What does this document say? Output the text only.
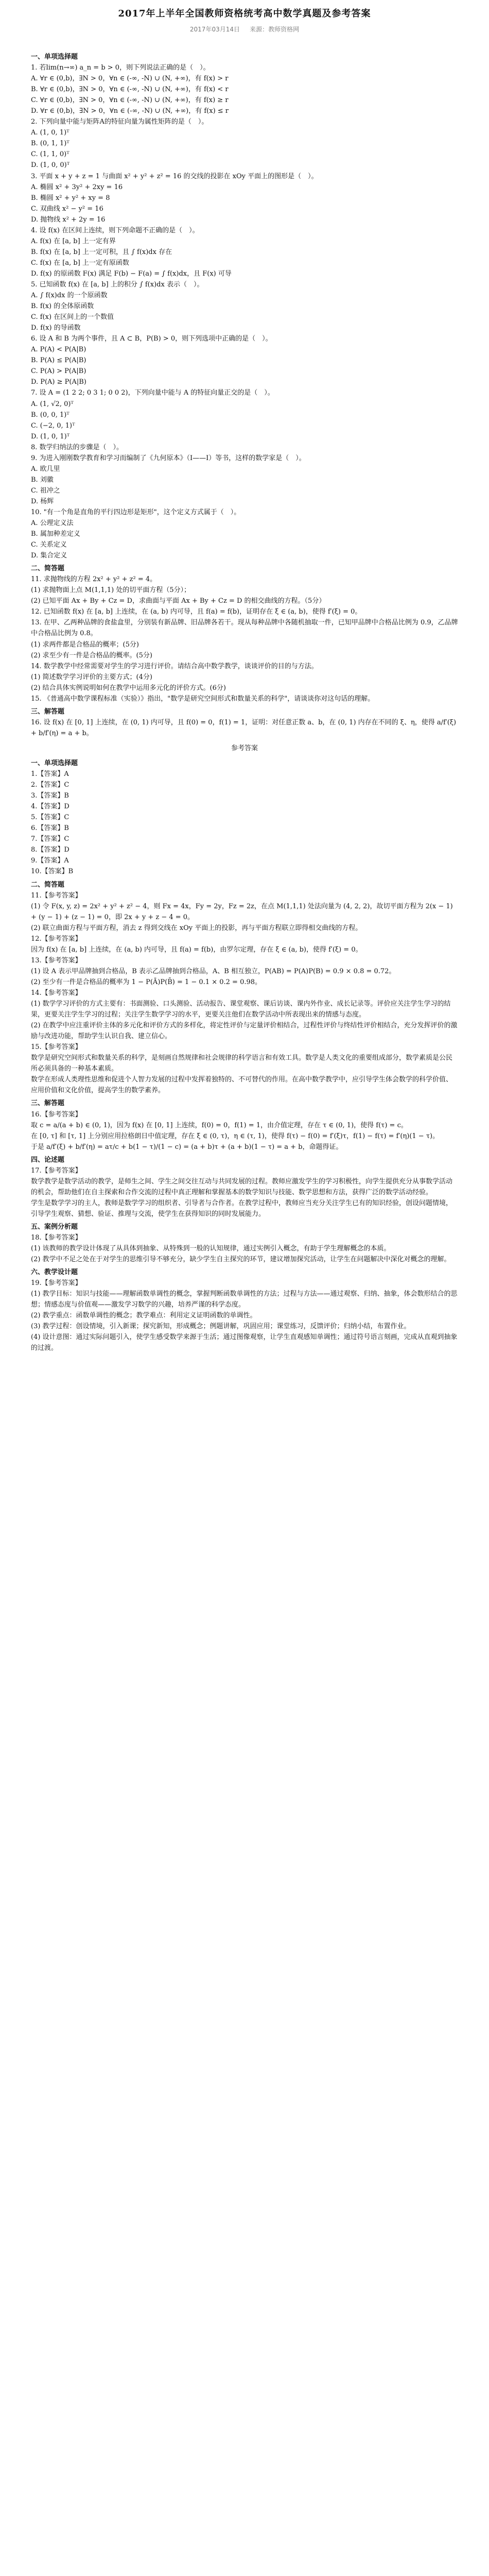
2017年上半年全国教师资格统考高中数学真题及参考答案
2017年03月14日 来源：教师资格网

一、单项选择题

1. 若lim(n→∞) a_n = b > 0，则下列说法正确的是（　）。

A. ∀r ∈ (0,b)，∃N > 0，∀n ∈ (-∞, -N) ∪ (N, +∞)，有 f(x) > r

B. ∀r ∈ (0,b)，∃N > 0，∀n ∈ (-∞, -N) ∪ (N, +∞)，有 f(x) < r

C. ∀r ∈ (0,b)，∃N > 0，∀n ∈ (-∞, -N) ∪ (N, +∞)，有 f(x) ≥ r

D. ∀r ∈ (0,b)，∃N > 0，∀n ∈ (-∞, -N) ∪ (N, +∞)，有 f(x) ≤ r

2. 下列向量中能与矩阵A的特征向量为属性矩阵的是（　）。

A. (1, 0, 1)ᵀ

B. (0, 1, 1)ᵀ

C. (1, 1, 0)ᵀ

D. (1, 0, 0)ᵀ

3. 平面 x + y + z = 1 与曲面 x² + y² + z² = 16 的交线的投影在 xOy 平面上的图形是（　）。

A. 椭圆 x² + 3y² + 2xy = 16

B. 椭圆 x² + y² + xy = 8

C. 双曲线 x² − y² = 16

D. 抛物线 x² + 2y = 16

4. 设 f(x) 在区间上连续，则下列命题不正确的是（　）。

A. f(x) 在 [a, b] 上一定有界

B. f(x) 在 [a, b] 上一定可积，且 ∫ f(x)dx 存在

C. f(x) 在 [a, b] 上一定有原函数

D. f(x) 的原函数 F(x) 满足 F(b) − F(a) = ∫ f(x)dx，且 F(x) 可导

5. 已知函数 f(x) 在 [a, b] 上的积分 ∫ f(x)dx 表示（　）。

A. ∫ f(x)dx 的一个原函数

B. f(x) 的全体原函数

C. f(x) 在区间上的一个数值

D. f(x) 的导函数

6. 设 A 和 B 为两个事件，且 A ⊂ B，P(B) > 0，则下列选项中正确的是（　）。

A. P(A) < P(A|B)

B. P(A) ≤ P(A|B)

C. P(A) > P(A|B)

D. P(A) ≥ P(A|B)

7. 设 A = (1 2 2; 0 3 1; 0 0 2)，下列向量中能与 A 的特征向量正交的是（　）。

A. (1, √2, 0)ᵀ

B. (0, 0, 1)ᵀ

C. (−2, 0, 1)ᵀ

D. (1, 0, 1)ᵀ

8. 数学归纳法的步骤是（　）。

9. 为进入刚刚数学教育和学习而编制了《九何原本》（I——I）等书，这样的数学家是（　）。

A. 欧几里

B. 刘徽

C. 祖冲之

D. 杨辉

10. "有一个角是直角的平行四边形是矩形"，这个定义方式属于（　）。

A. 公理定义法

B. 属加种差定义

C. 关系定义

D. 集合定义

二、简答题

11. 求抛物线的方程 2x² + y² + z² = 4。

(1) 求抛物面上点 M(1,1,1) 处的切平面方程（5分）；

(2) 已知平面 Ax + By + Cz = D，求曲面与平面 Ax + By + Cz = D 的相交曲线的方程。（5分）

12. 已知函数 f(x) 在 [a, b] 上连续，在 (a, b) 内可导，且 f(a) = f(b)，证明存在 ξ ∈ (a, b)，使得 f′(ξ) = 0。

13. 在甲、乙两种品牌的食盐盒里，分别装有新品牌、旧品牌各若干。现从每种品牌中各随机抽取一件，已知甲品牌中合格品比例为 0.9，乙品牌中合格品比例为 0.8。

(1) 求两件都是合格品的概率；(5分)

(2) 求至少有一件是合格品的概率。(5分)

14. 数学教学中经常需要对学生的学习进行评价。请结合高中数学教学，谈谈评价的目的与方法。

(1) 简述数学学习评价的主要方式；(4分)

(2) 结合具体实例说明如何在教学中运用多元化的评价方式。(6分)

15. 《普通高中数学课程标准（实验）》指出，"数学是研究空间形式和数量关系的科学"，请谈谈你对这句话的理解。

三、解答题

16. 设 f(x) 在 [0, 1] 上连续，在 (0, 1) 内可导，且 f(0) = 0，f(1) = 1，证明：对任意正数 a、b，在 (0, 1) 内存在不同的 ξ、η，使得 a/f′(ξ) + b/f′(η) = a + b。

参考答案

一、单项选择题

1.【答案】A

2.【答案】C

3.【答案】B

4.【答案】D

5.【答案】C

6.【答案】B

7.【答案】C

8.【答案】D

9.【答案】A

10.【答案】B

二、简答题

11.【参考答案】

(1) 令 F(x, y, z) = 2x² + y² + z² − 4，则 Fx = 4x，Fy = 2y，Fz = 2z，在点 M(1,1,1) 处法向量为 (4, 2, 2)，故切平面方程为 2(x − 1) + (y − 1) + (z − 1) = 0，即 2x + y + z − 4 = 0。

(2) 联立曲面方程与平面方程，消去 z 得到交线在 xOy 平面上的投影，再与平面方程联立即得相交曲线的方程。

12.【参考答案】

因为 f(x) 在 [a, b] 上连续，在 (a, b) 内可导，且 f(a) = f(b)，由罗尔定理，存在 ξ ∈ (a, b)，使得 f′(ξ) = 0。

13.【参考答案】

(1) 设 A 表示甲品牌抽到合格品，B 表示乙品牌抽到合格品，A、B 相互独立，P(AB) = P(A)P(B) = 0.9 × 0.8 = 0.72。

(2) 至少有一件是合格品的概率为 1 − P(Ā)P(B̄) = 1 − 0.1 × 0.2 = 0.98。

14.【参考答案】

(1) 数学学习评价的方式主要有：书面测验、口头测验、活动报告、课堂观察、课后访谈、课内外作业、成长记录等。评价应关注学生学习的结果，更要关注学生学习的过程；关注学生数学学习的水平，更要关注他们在数学活动中所表现出来的情感与态度。

(2) 在教学中应注重评价主体的多元化和评价方式的多样化，将定性评价与定量评价相结合，过程性评价与终结性评价相结合，充分发挥评价的激励与改进功能，帮助学生认识自我、建立信心。

15.【参考答案】

数学是研究空间形式和数量关系的科学，是刻画自然规律和社会规律的科学语言和有效工具。数学是人类文化的重要组成部分，数学素质是公民所必须具备的一种基本素质。

数学在形成人类理性思维和促进个人智力发展的过程中发挥着独特的、不可替代的作用。在高中数学教学中，应引导学生体会数学的科学价值、应用价值和文化价值，提高学生的数学素养。

三、解答题

16.【参考答案】

取 c = a/(a + b) ∈ (0, 1)，因为 f(x) 在 [0, 1] 上连续，f(0) = 0，f(1) = 1，由介值定理，存在 τ ∈ (0, 1)，使得 f(τ) = c。

在 [0, τ] 和 [τ, 1] 上分别应用拉格朗日中值定理，存在 ξ ∈ (0, τ)，η ∈ (τ, 1)，使得 f(τ) − f(0) = f′(ξ)τ，f(1) − f(τ) = f′(η)(1 − τ)。

于是 a/f′(ξ) + b/f′(η) = aτ/c + b(1 − τ)/(1 − c) = (a + b)τ + (a + b)(1 − τ) = a + b，命题得证。

四、论述题

17.【参考答案】

数学教学是数学活动的教学，是师生之间、学生之间交往互动与共同发展的过程。教师应激发学生的学习积极性，向学生提供充分从事数学活动的机会，帮助他们在自主探索和合作交流的过程中真正理解和掌握基本的数学知识与技能、数学思想和方法，获得广泛的数学活动经验。

学生是数学学习的主人，教师是数学学习的组织者、引导者与合作者。在教学过程中，教师应当充分关注学生已有的知识经验，创设问题情境，引导学生观察、猜想、验证、推理与交流，使学生在获得知识的同时发展能力。

五、案例分析题

18.【参考答案】

(1) 该教师的教学设计体现了从具体到抽象、从特殊到一般的认知规律，通过实例引入概念，有助于学生理解概念的本质。

(2) 教学中不足之处在于对学生的思维引导不够充分，缺少学生自主探究的环节，建议增加探究活动，让学生在问题解决中深化对概念的理解。

六、教学设计题

19.【参考答案】

(1) 教学目标：知识与技能——理解函数单调性的概念，掌握判断函数单调性的方法；过程与方法——通过观察、归纳、抽象，体会数形结合的思想；情感态度与价值观——激发学习数学的兴趣，培养严谨的科学态度。

(2) 教学重点：函数单调性的概念；教学难点：利用定义证明函数的单调性。

(3) 教学过程：创设情境，引入新课；探究新知，形成概念；例题讲解，巩固应用；课堂练习，反馈评价；归纳小结，布置作业。

(4) 设计意图：通过实际问题引入，使学生感受数学来源于生活；通过图像观察，让学生直观感知单调性；通过符号语言刻画，完成从直观到抽象的过渡。
